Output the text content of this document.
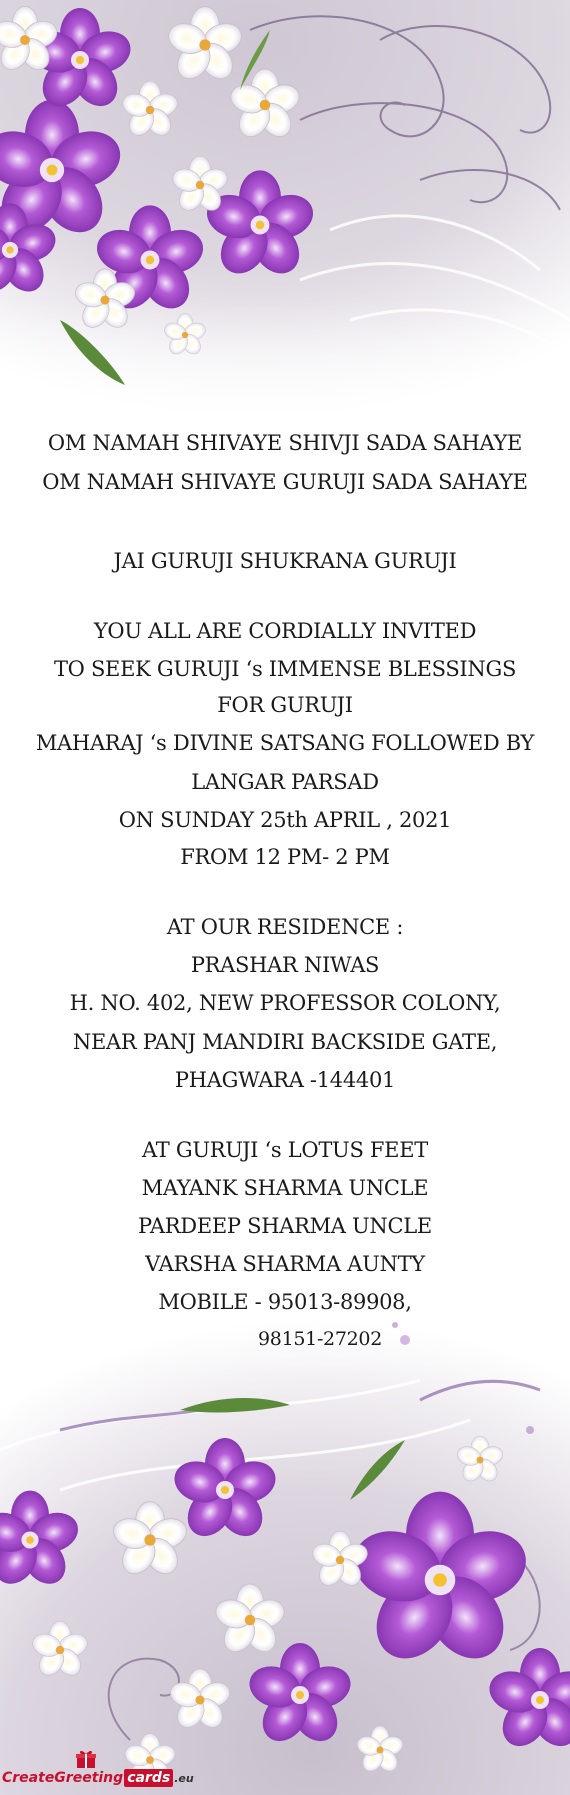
OM NAMAH SHIVAYE SHIVJI SADA SAHAYE
OM NAMAH SHIVAYE GURUJI SADA SAHAYE
JAI GURUJI SHUKRANA GURUJI
YOU ALL ARE CORDIALLY INVITED
TO SEEK GURUJI ‘s IMMENSE BLESSINGS
FOR GURUJI
MAHARAJ ‘s DIVINE SATSANG FOLLOWED BY
LANGAR PARSAD
ON SUNDAY 25th APRIL , 2021
FROM 12 PM- 2 PM
AT OUR RESIDENCE :
PRASHAR NIWAS
H. NO. 402, NEW PROFESSOR COLONY,
NEAR PANJ MANDIRI BACKSIDE GATE,
PHAGWARA -144401
AT GURUJI ‘s LOTUS FEET
MAYANK SHARMA UNCLE
PARDEEP SHARMA UNCLE
VARSHA SHARMA AUNTY
MOBILE - 95013-89908,
98151-27202
CreateGreeting cards .eu
